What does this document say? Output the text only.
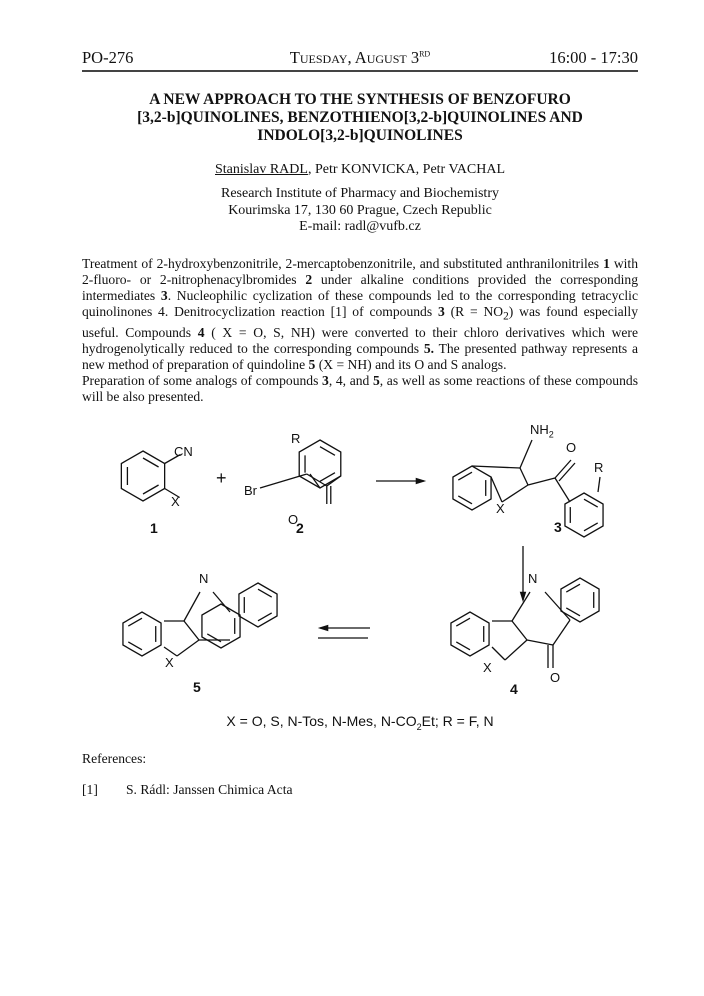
PO-276	Tuesday, August 3RD	16:00 - 17:30
A NEW APPROACH TO THE SYNTHESIS OF BENZOFURO
[3,2-b]QUINOLINES, BENZOTHIENO[3,2-b]QUINOLINES AND
INDOLO[3,2-b]QUINOLINES
Stanislav RADL, Petr KONVICKA, Petr VACHAL
Research Institute of Pharmacy and Biochemistry
Kourimska 17, 130 60 Prague, Czech Republic
E-mail: radl@vufb.cz

Treatment of 2-hydroxybenzonitrile, 2-mercaptobenzonitrile, and substituted anthranilonitriles 1 with 2-fluoro- or 2-nitrophenacylbromides 2 under alkaline conditions provided the corresponding intermediates 3. Nucleophilic cyclization of these compounds led to the corresponding tetracyclic quinolinones 4. Denitrocyclization reaction [1] of compounds 3 $(R = NO_2)$ was found especially useful. Compounds 4 ( X = O, S, NH) were converted to their chloro derivatives which were hydrogenolytically reduced to the corresponding compounds 5. The presented pathway represents a new method of preparation of quindoline 5 (X = NH) and its O and S analogs.

Preparation of some analogs of compounds 3, 4, and 5, as well as some reactions of these compounds will be also presented.

CN
X
1
+
R
Br
O
2
$NH_2$
O
R
X
3
N
X
O
4
N
X
5
X = O, S, N-Tos, N-Mes, $N-CO_2Et$; R = F, N
References:
[1] S. Rádl: Janssen Chimica Acta
